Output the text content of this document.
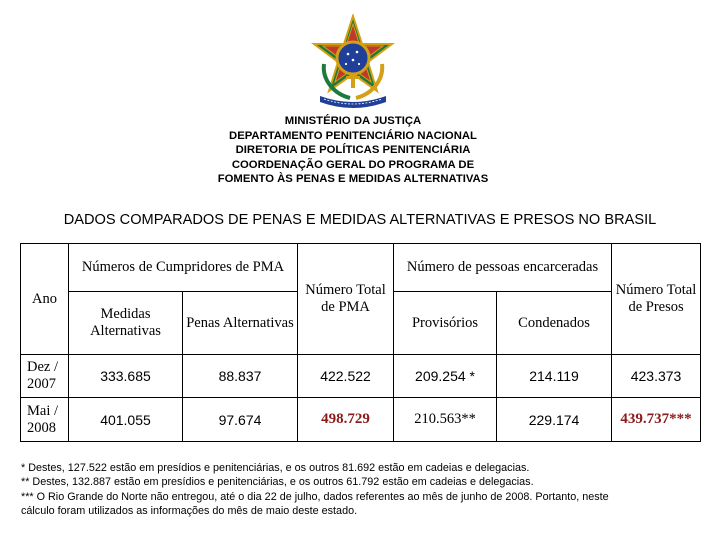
MINISTÉRIO DA JUSTIÇA
DEPARTAMENTO PENITENCIÁRIO NACIONAL
DIRETORIA DE POLÍTICAS PENITENCIÁRIA
COORDENAÇÃO GERAL DO PROGRAMA DE
FOMENTO ÀS PENAS E MEDIDAS ALTERNATIVAS
DADOS COMPARADOS DE PENAS E MEDIDAS ALTERNATIVAS E PRESOS NO BRASIL
Ano	Números de Cumpridores de PMA		Número Total de PMA	Número de pessoas encarceradas		Número Total de Presos
	Medidas Alternativas	Penas Alternativas		Provisórios	Condenados	
Dez / 2007	333.685	88.837	422.522	209.254 *	214.119	423.373
Mai / 2008	401.055	97.674	498.729	210.563**	229.174	439.737***
* Destes, 127.522 estão em presídios e penitenciárias, e os outros 81.692 estão em cadeias e delegacias.
** Destes, 132.887 estão em presídios e penitenciárias, e os outros 61.792 estão em cadeias e delegacias.
*** O Rio Grande do Norte não entregou, até o dia 22 de julho, dados referentes ao mês de junho de 2008. Portanto, neste
cálculo foram utilizados as informações do mês de maio deste estado.
